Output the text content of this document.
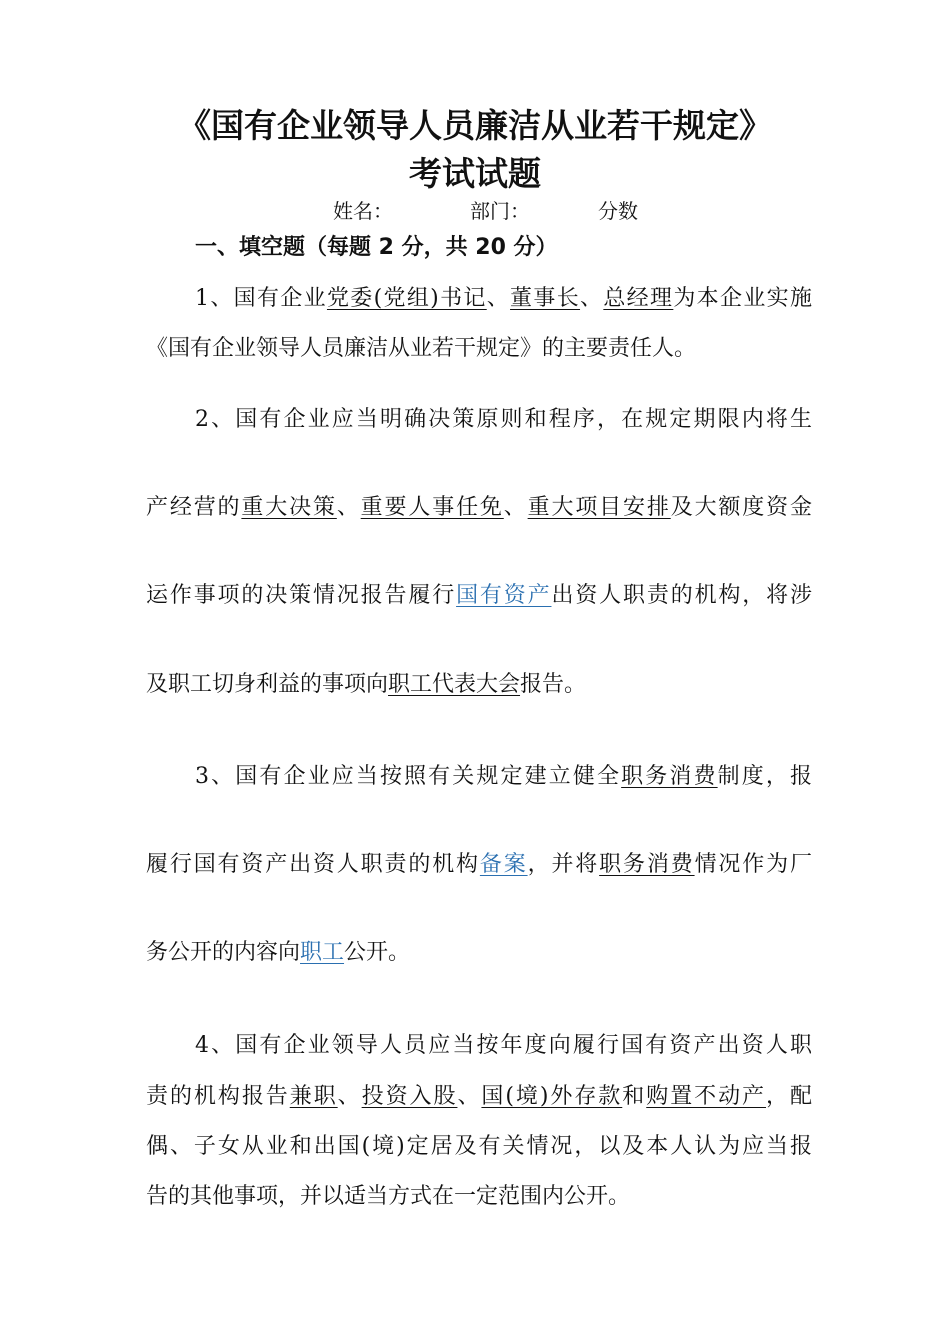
《国有企业领导人员廉洁从业若干规定》
考试试题
姓名：	部门：	分数
一、填空题（每题 2 分，共 20 分）
1、国有企业党委(党组)书记、董事长、总经理为本企业实施
《国有企业领导人员廉洁从业若干规定》的主要责任人。
2、国有企业应当明确决策原则和程序，在规定期限内将生
产经营的重大决策、重要人事任免、重大项目安排及大额度资金
运作事项的决策情况报告履行国有资产出资人职责的机构，将涉
及职工切身利益的事项向职工代表大会报告。
3、国有企业应当按照有关规定建立健全职务消费制度，报
履行国有资产出资人职责的机构备案，并将职务消费情况作为厂
务公开的内容向职工公开。
4、国有企业领导人员应当按年度向履行国有资产出资人职
责的机构报告兼职、投资入股、国(境)外存款和购置不动产，配
偶、子女从业和出国(境)定居及有关情况，以及本人认为应当报
告的其他事项，并以适当方式在一定范围内公开。
